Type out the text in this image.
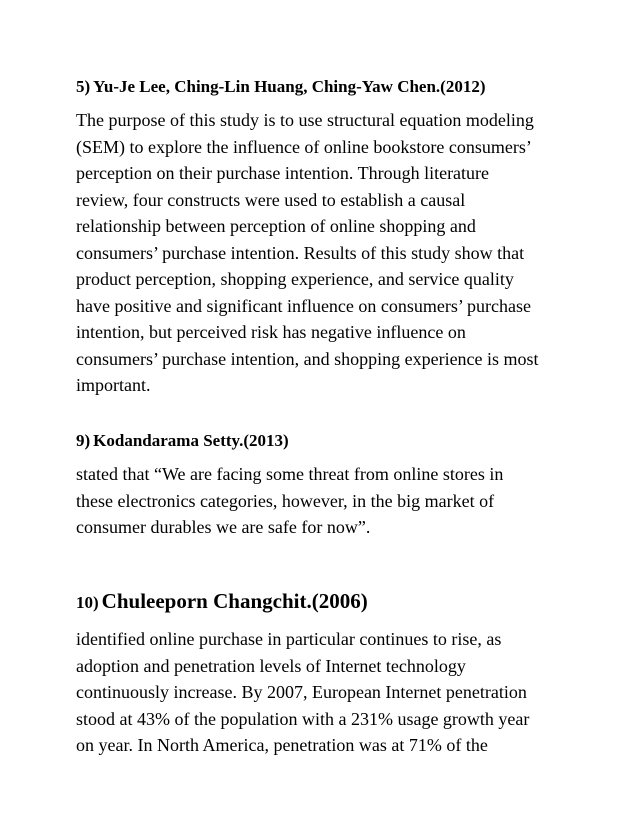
5) Yu-Je Lee, Ching-Lin Huang, Ching-Yaw Chen.(2012)

The purpose of this study is to use structural equation modeling
(SEM) to explore the influence of online bookstore consumers’
perception on their purchase intention. Through literature
review, four constructs were used to establish a causal
relationship between perception of online shopping and
consumers’ purchase intention. Results of this study show that
product perception, shopping experience, and service quality
have positive and significant influence on consumers’ purchase
intention, but perceived risk has negative influence on
consumers’ purchase intention, and shopping experience is most
important.

9) Kodandarama Setty.(2013)

stated that “We are facing some threat from online stores in
these electronics categories, however, in the big market of
consumer durables we are safe for now”.

10) Chuleeporn Changchit.(2006)

identified online purchase in particular continues to rise, as
adoption and penetration levels of Internet technology
continuously increase. By 2007, European Internet penetration
stood at 43% of the population with a 231% usage growth year
on year. In North America, penetration was at 71% of the
